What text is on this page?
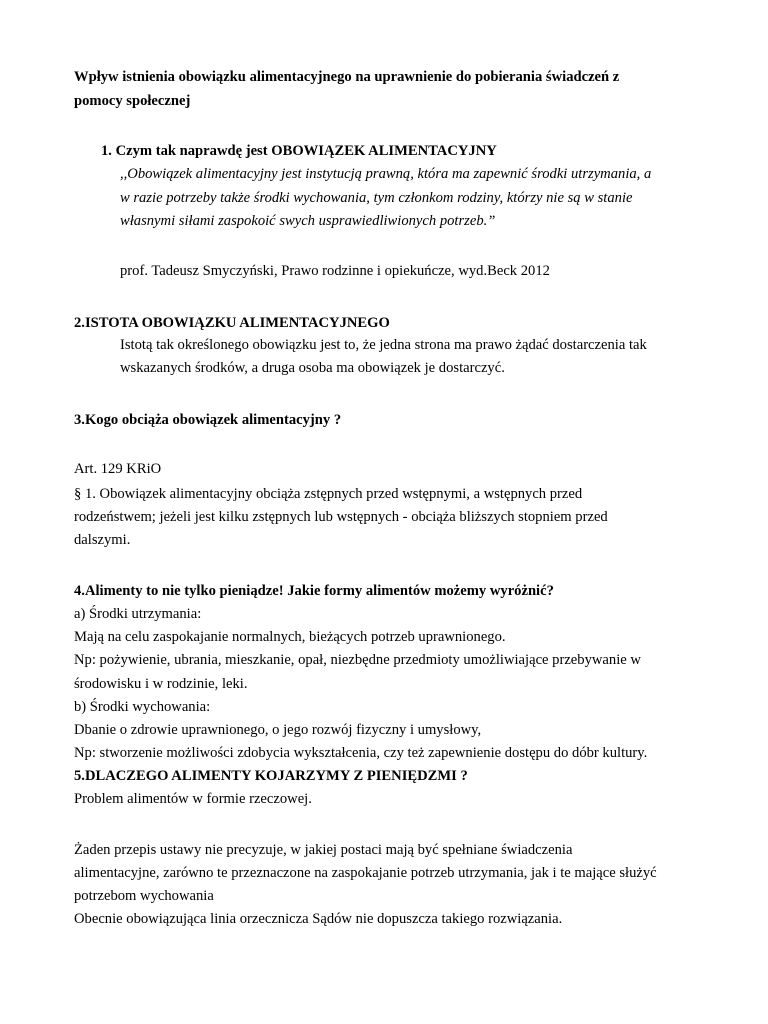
Wpływ istnienia obowiązku alimentacyjnego na uprawnienie do pobierania świadczeń z
pomocy społecznej
1. Czym tak naprawdę jest OBOWIĄZEK ALIMENTACYJNY
,,Obowiązek alimentacyjny jest instytucją prawną, która ma zapewnić środki utrzymania, a
w razie potrzeby także środki wychowania, tym członkom rodziny, którzy nie są w stanie
własnymi siłami zaspokoić swych usprawiedliwionych potrzeb.”
prof. Tadeusz Smyczyński, Prawo rodzinne i opiekuńcze, wyd.Beck 2012
2.ISTOTA OBOWIĄZKU ALIMENTACYJNEGO
Istotą tak określonego obowiązku jest to, że jedna strona ma prawo żądać dostarczenia tak
wskazanych środków, a druga osoba ma obowiązek je dostarczyć.
3.Kogo obciąża obowiązek alimentacyjny ?
Art. 129 KRiO
§ 1. Obowiązek alimentacyjny obciąża zstępnych przed wstępnymi, a wstępnych przed
rodzeństwem; jeżeli jest kilku zstępnych lub wstępnych - obciąża bliższych stopniem przed
dalszymi.
4.Alimenty to nie tylko pieniądze! Jakie formy alimentów możemy wyróżnić?
a) Środki utrzymania:
Mają na celu zaspokajanie normalnych, bieżących potrzeb uprawnionego.
Np: pożywienie, ubrania, mieszkanie, opał, niezbędne przedmioty umożliwiające przebywanie w
środowisku i w rodzinie, leki.
b) Środki wychowania:
Dbanie o zdrowie uprawnionego, o jego rozwój fizyczny i umysłowy,
Np: stworzenie możliwości zdobycia wykształcenia, czy też zapewnienie dostępu do dóbr kultury.
5.DLACZEGO ALIMENTY KOJARZYMY Z PIENIĘDZMI ?
Problem alimentów w formie rzeczowej.
Żaden przepis ustawy nie precyzuje, w jakiej postaci mają być spełniane świadczenia
alimentacyjne, zarówno te przeznaczone na zaspokajanie potrzeb utrzymania, jak i te mające służyć
potrzebom wychowania
Obecnie obowiązująca linia orzecznicza Sądów nie dopuszcza takiego rozwiązania.
